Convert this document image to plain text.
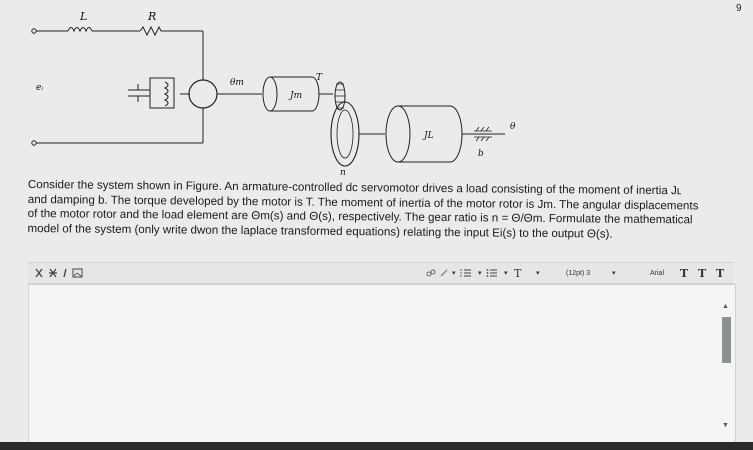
9
L	R
eᵢ	θm
Jm
T
n
JL
θ
b
Consider the system shown in Figure. An armature-controlled dc servomotor drives a load consisting of the moment of inertia Jʟ
and damping b. The torque developed by the motor is T. The moment of inertia of the motor rotor is Jm. The angular displacements
of the motor rotor and the load element are Θm(s) and Θ(s), respectively. The gear ratio is n = Θ/Θm. Formulate the mathematical
model of the system (only write dwon the laplace transformed equations) relating the input Ei(s) to the output Θ(s).
▾	▾	▾ T ▾	(12pt) 3	▾	Arial T T T
▲
▼
